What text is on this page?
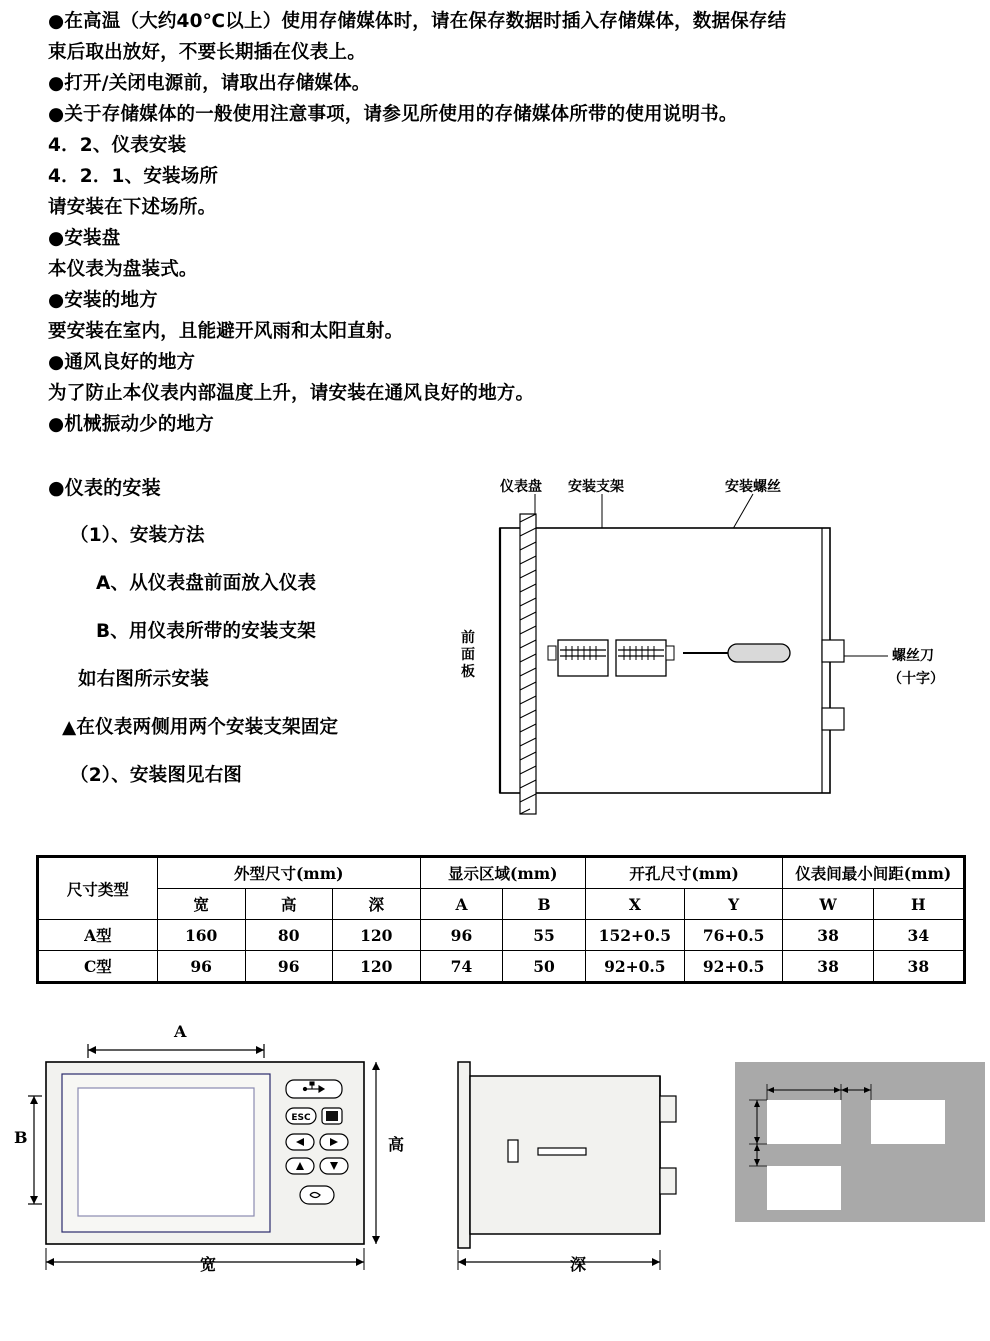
●在高温（大约40℃以上）使用存储媒体时，请在保存数据时插入存储媒体，数据保存结

束后取出放好，不要长期插在仪表上。

●打开/关闭电源前，请取出存储媒体。

●关于存储媒体的一般使用注意事项，请参见所使用的存储媒体所带的使用说明书。

4．2、仪表安装

4．2．1、安装场所

请安装在下述场所。

●安装盘

本仪表为盘装式。

●安装的地方

要安装在室内，且能避开风雨和太阳直射。

●通风良好的地方

为了防止本仪表内部温度上升，请安装在通风良好的地方。

●机械振动少的地方

●仪表的安装

（1）、安装方法

A、从仪表盘前面放入仪表

B、用仪表所带的安装支架

如右图所示安装

▲在仪表两侧用两个安装支架固定

（2）、安装图见右图

仪表盘 安装支架	安装螺丝
前面板
螺丝刀
（十字）
尺寸类型	外型尺寸(mm)			显示区域(mm)		开孔尺寸(mm)		仪表间最小间距(mm)	
	宽	高	深	A	B	X	Y	W	H
A型	160	80	120	96	55	152+0.5	76+0.5	38	34
C型	96	96	120	74	50	92+0.5	92+0.5	38	38
A
B	高
宽
ESC
深
